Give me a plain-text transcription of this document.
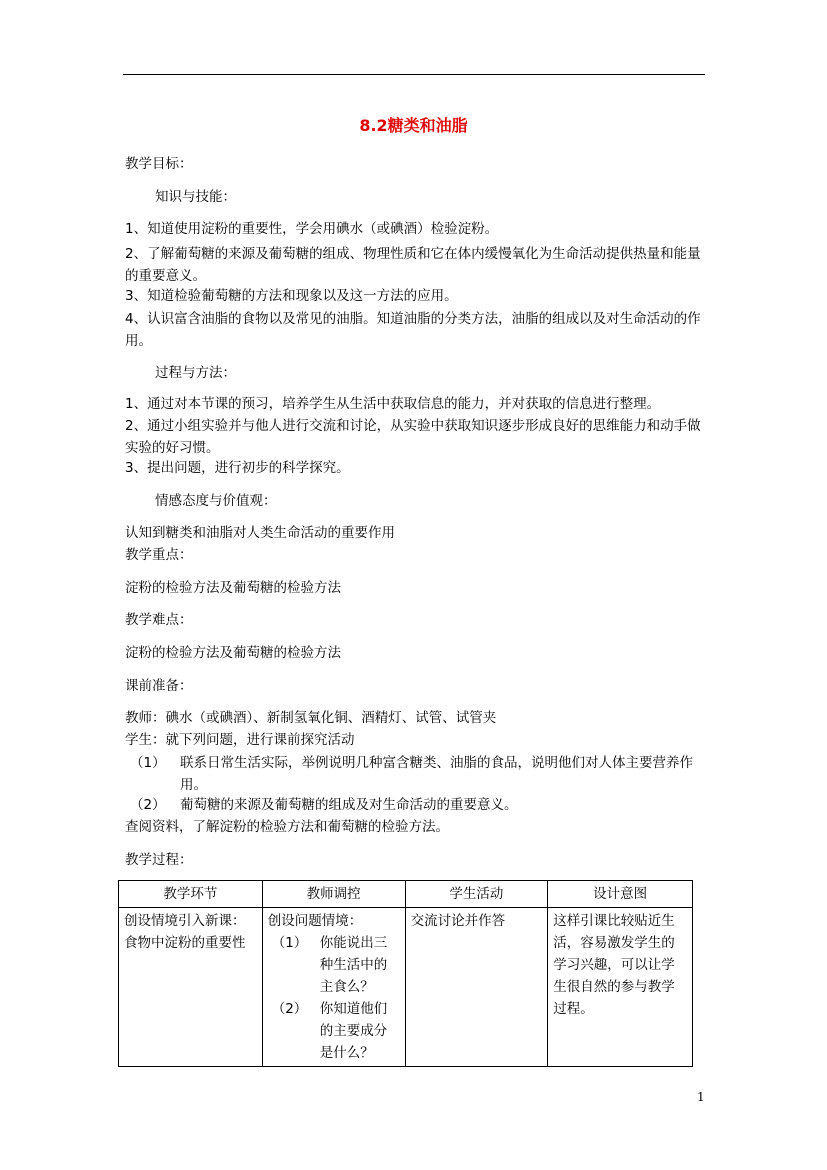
8.2糖类和油脂
教学目标：
知识与技能：
1、知道使用淀粉的重要性，学会用碘水（或碘酒）检验淀粉。
2、了解葡萄糖的来源及葡萄糖的组成、物理性质和它在体内缓慢氧化为生命活动提供热量和能量的重要意义。
3、知道检验葡萄糖的方法和现象以及这一方法的应用。
4、认识富含油脂的食物以及常见的油脂。知道油脂的分类方法，油脂的组成以及对生命活动的作用。
过程与方法：
1、通过对本节课的预习，培养学生从生活中获取信息的能力，并对获取的信息进行整理。
2、通过小组实验并与他人进行交流和讨论，从实验中获取知识逐步形成良好的思维能力和动手做实验的好习惯。
3、提出问题，进行初步的科学探究。
情感态度与价值观：
认知到糖类和油脂对人类生命活动的重要作用
教学重点：
淀粉的检验方法及葡萄糖的检验方法
教学难点：
淀粉的检验方法及葡萄糖的检验方法
课前准备：
教师：碘水（或碘酒）、新制氢氧化铜、酒精灯、试管、试管夹
学生：就下列问题，进行课前探究活动
（1）	联系日常生活实际，举例说明几种富含糖类、油脂的食品，说明他们对人体主要营养作用。
（2）	葡萄糖的来源及葡萄糖的组成及对生命活动的重要意义。
查阅资料，了解淀粉的检验方法和葡萄糖的检验方法。
教学过程：
教学环节	教师调控	学生活动	设计意图
创设情境引入新课：食物中淀粉的重要性	创设问题情境：
（1） 你能说出三种生活中的主食么？
（2） 你知道他们的主要成分是什么？	交流讨论并作答	这样引课比较贴近生活，容易激发学生的学习兴趣，可以让学生很自然的参与教学过程。
1
